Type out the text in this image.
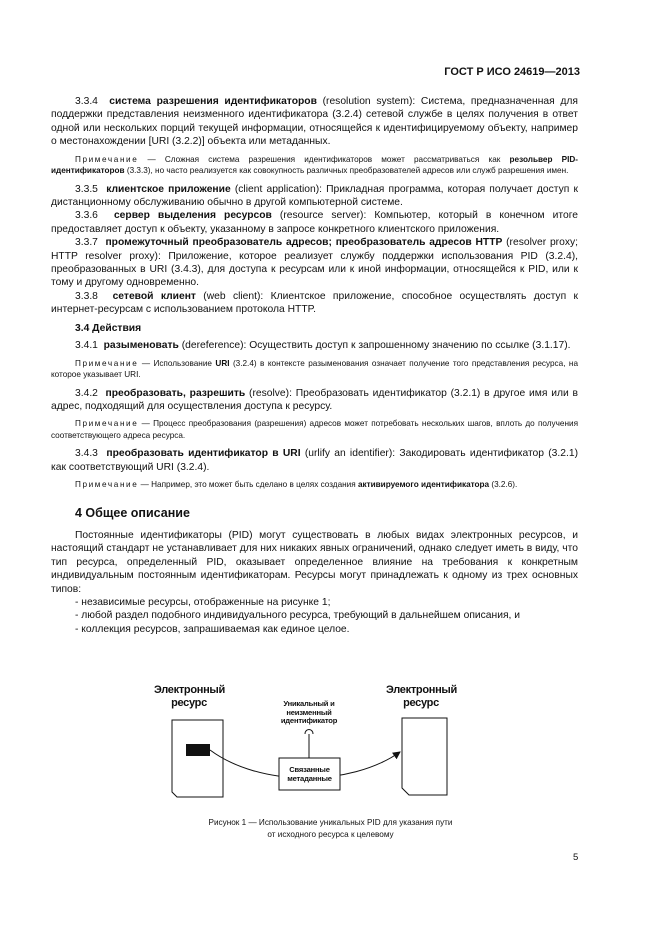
ГОСТ Р ИСО 24619—2013

3.3.4 система разрешения идентификаторов (resolution system): Система, предназначенная для поддержки представления неизменного идентификатора (3.2.4) сетевой службе в целях получения в ответ одной или нескольких порций текущей информации, относящейся к идентифицируемому объекту, например о местонахождении [URI (3.2.2)] объекта или метаданных.

Примечание — Сложная система разрешения идентификаторов может рассматриваться как резольвер PID-идентификаторов (3.3.3), но часто реализуется как совокупность различных преобразователей адресов или служб разрешения имен.

3.3.5 клиентское приложение (client application): Прикладная программа, которая получает доступ к дистанционному обслуживанию обычно в другой компьютерной системе.

3.3.6 сервер выделения ресурсов (resource server): Компьютер, который в конечном итоге предоставляет доступ к объекту, указанному в запросе конкретного клиентского приложения.

3.3.7 промежуточный преобразователь адресов; преобразователь адресов HTTP (resolver proxy; HTTP resolver proxy): Приложение, которое реализует службу поддержки использования PID (3.2.4), преобразованных в URI (3.4.3), для доступа к ресурсам или к иной информации, относящейся к PID, или к тому и другому одновременно.

3.3.8 сетевой клиент (web client): Клиентское приложение, способное осуществлять доступ к интернет-ресурсам с использованием протокола HTTP.

3.4 Действия

3.4.1 разыменовать (dereference): Осуществить доступ к запрошенному значению по ссылке (3.1.17).

Примечание — Использование URI (3.2.4) в контексте разыменования означает получение того представления ресурса, на которое указывает URI.

3.4.2 преобразовать, разрешить (resolve): Преобразовать идентификатор (3.2.1) в другое имя или в адрес, подходящий для осуществления доступа к ресурсу.

Примечание — Процесс преобразования (разрешения) адресов может потребовать нескольких шагов, вплоть до получения соответствующего адреса ресурса.

3.4.3 преобразовать идентификатор в URI (urlify an identifier): Закодировать идентификатор (3.2.1) как соответствующий URI (3.2.4).

Примечание — Например, это может быть сделано в целях создания активируемого идентификатора (3.2.6).

4 Общее описание

Постоянные идентификаторы (PID) могут существовать в любых видах электронных ресурсов, и настоящий стандарт не устанавливает для них никаких явных ограничений, однако следует иметь в виду, что тип ресурса, определенный PID, оказывает определенное влияние на требования к конкретным индивидуальным постоянным идентификаторам. Ресурсы могут принадлежать к одному из трех основных типов:

- независимые ресурсы, отображенные на рисунке 1;

- любой раздел подобного индивидуального ресурса, требующий в дальнейшем описания, и

- коллекция ресурсов, запрашиваемая как единое целое.

Электронный ресурс
Электронный ресурс
Уникальный и неизменный идентификатор
Связанные метаданные
Рисунок 1 — Использование уникальных PID для указания пути
от исходного ресурса к целевому
5
